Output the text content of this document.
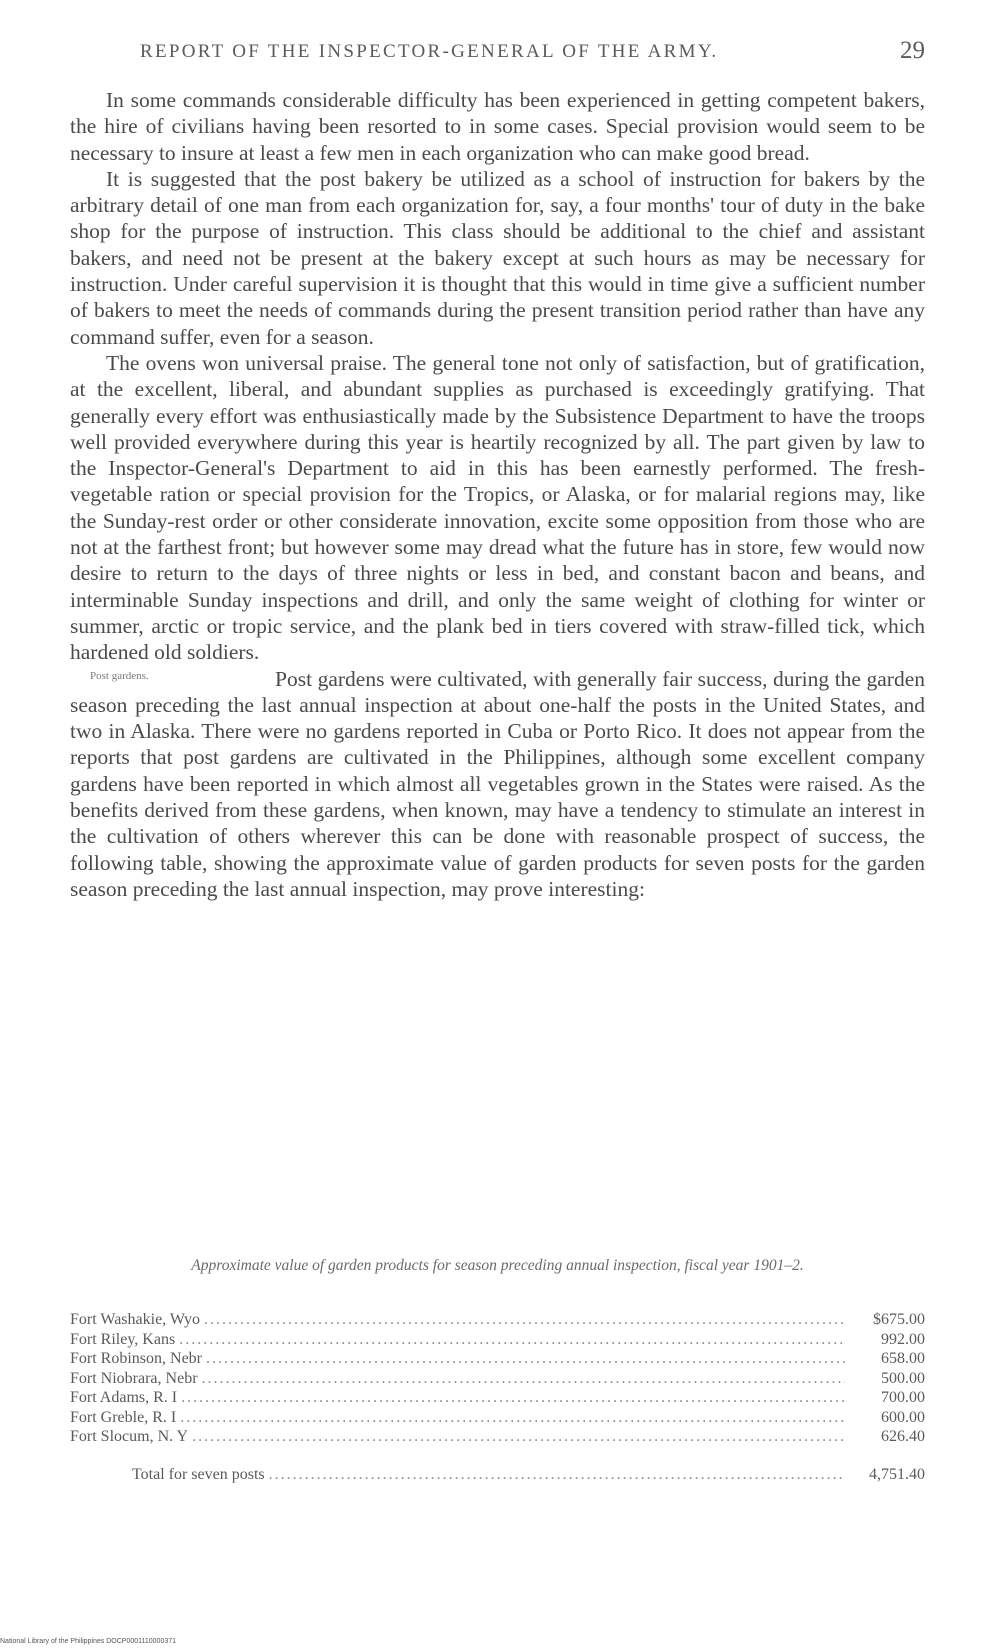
REPORT OF THE INSPECTOR-GENERAL OF THE ARMY.	29

In some commands considerable difficulty has been experienced in getting competent bakers, the hire of civilians having been resorted to in some cases. Special provision would seem to be necessary to insure at least a few men in each organization who can make good bread.

It is suggested that the post bakery be utilized as a school of instruction for bakers by the arbitrary detail of one man from each organization for, say, a four months' tour of duty in the bake shop for the purpose of instruction. This class should be additional to the chief and assistant bakers, and need not be present at the bakery except at such hours as may be necessary for instruction. Under careful supervision it is thought that this would in time give a sufficient number of bakers to meet the needs of commands during the present transition period rather than have any command suffer, even for a season.

The ovens won universal praise. The general tone not only of satisfaction, but of gratification, at the excellent, liberal, and abundant supplies as purchased is exceedingly gratifying. That generally every effort was enthusiastically made by the Subsistence Department to have the troops well provided everywhere during this year is heartily recognized by all. The part given by law to the Inspector-General's Department to aid in this has been earnestly performed. The fresh-vegetable ration or special provision for the Tropics, or Alaska, or for malarial regions may, like the Sunday-rest order or other considerate innovation, excite some opposition from those who are not at the farthest front; but however some may dread what the future has in store, few would now desire to return to the days of three nights or less in bed, and constant bacon and beans, and interminable Sunday inspections and drill, and only the same weight of clothing for winter or summer, arctic or tropic service, and the plank bed in tiers covered with straw-filled tick, which hardened old soldiers.

Post gardens.	Post gardens were cultivated, with generally fair success, during the garden season preceding the last annual inspection at about one-half the posts in the United States, and two in Alaska. There were no gardens reported in Cuba or Porto Rico. It does not appear from the reports that post gardens are cultivated in the Philippines, although some excellent company gardens have been reported in which almost all vegetables grown in the States were raised. As the benefits derived from these gardens, when known, may have a tendency to stimulate an interest in the cultivation of others wherever this can be done with reasonable prospect of success, the following table, showing the approximate value of garden products for seven posts for the garden season preceding the last annual inspection, may prove interesting:

Approximate value of garden products for season preceding annual inspection, fiscal year 1901–2.
Fort Washakie, Wyo .....	$675.00
Fort Riley, Kans .....	992.00
Fort Robinson, Nebr .....	658.00
Fort Niobrara, Nebr .....	500.00
Fort Adams, R. I .....	700.00
Fort Greble, R. I .....	600.00
Fort Slocum, N. Y .....	626.40
Total for seven posts .....	4,751.40
National Library of the Philippines DOCP0001110000371
